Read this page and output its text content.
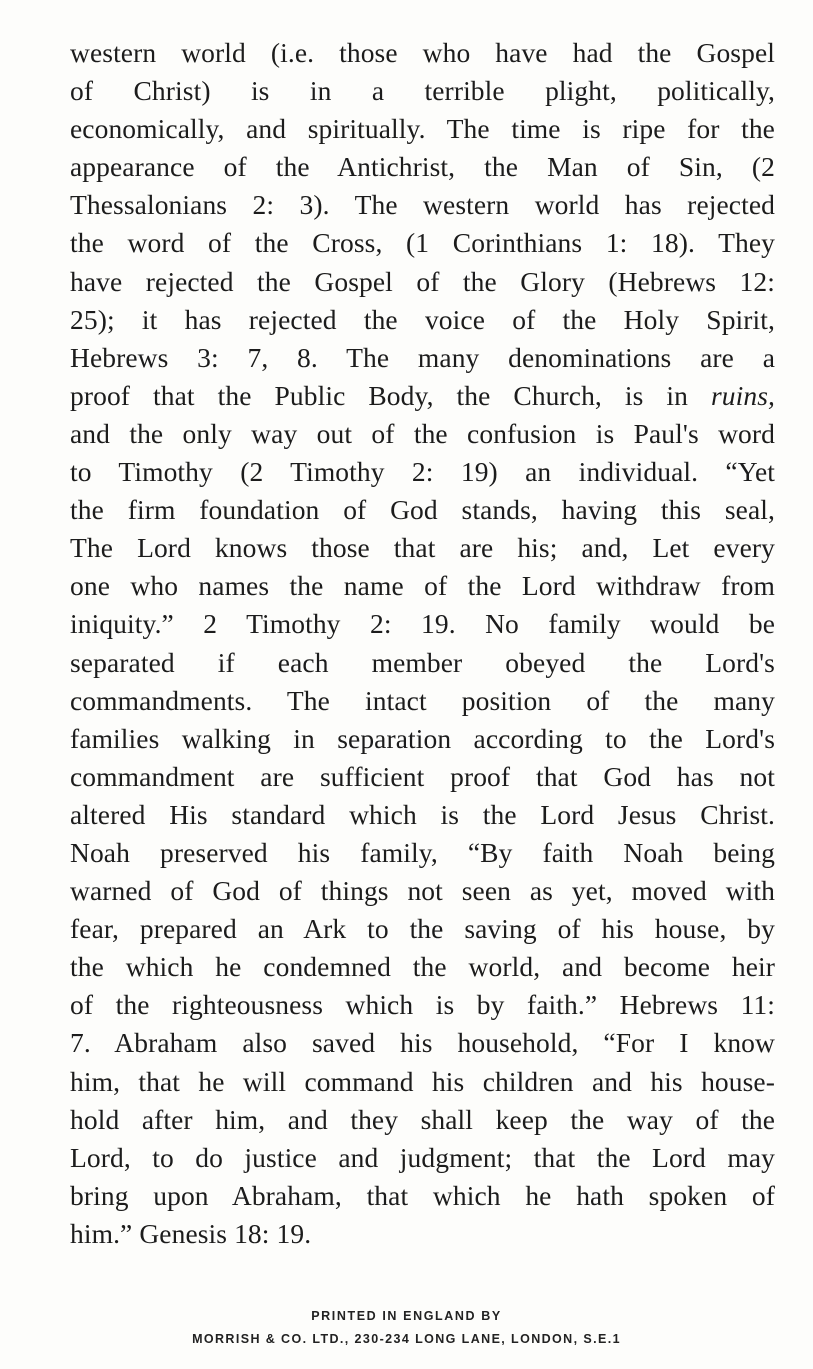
western world (i.e. those who have had the Gospel
of Christ) is in a terrible plight, politically,
economically, and spiritually. The time is ripe for the
appearance of the Antichrist, the Man of Sin, (2
Thessalonians 2: 3). The western world has rejected
the word of the Cross, (1 Corinthians 1: 18). They
have rejected the Gospel of the Glory (Hebrews 12:
25); it has rejected the voice of the Holy Spirit,
Hebrews 3: 7, 8. The many denominations are a
proof that the Public Body, the Church, is in ruins,
and the only way out of the confusion is Paul's word
to Timothy (2 Timothy 2: 19) an individual. “Yet
the firm foundation of God stands, having this seal,
The Lord knows those that are his; and, Let every
one who names the name of the Lord withdraw from
iniquity.” 2 Timothy 2: 19. No family would be
separated if each member obeyed the Lord's
commandments. The intact position of the many
families walking in separation according to the Lord's
commandment are sufficient proof that God has not
altered His standard which is the Lord Jesus Christ.
Noah preserved his family, “By faith Noah being
warned of God of things not seen as yet, moved with
fear, prepared an Ark to the saving of his house, by
the which he condemned the world, and become heir
of the righteousness which is by faith.” Hebrews 11:
7. Abraham also saved his household, “For I know
him, that he will command his children and his house-
hold after him, and they shall keep the way of the
Lord, to do justice and judgment; that the Lord may
bring upon Abraham, that which he hath spoken of
him.” Genesis 18: 19.
PRINTED IN ENGLAND BY
MORRISH & CO. LTD., 230-234 LONG LANE, LONDON, S.E.1
